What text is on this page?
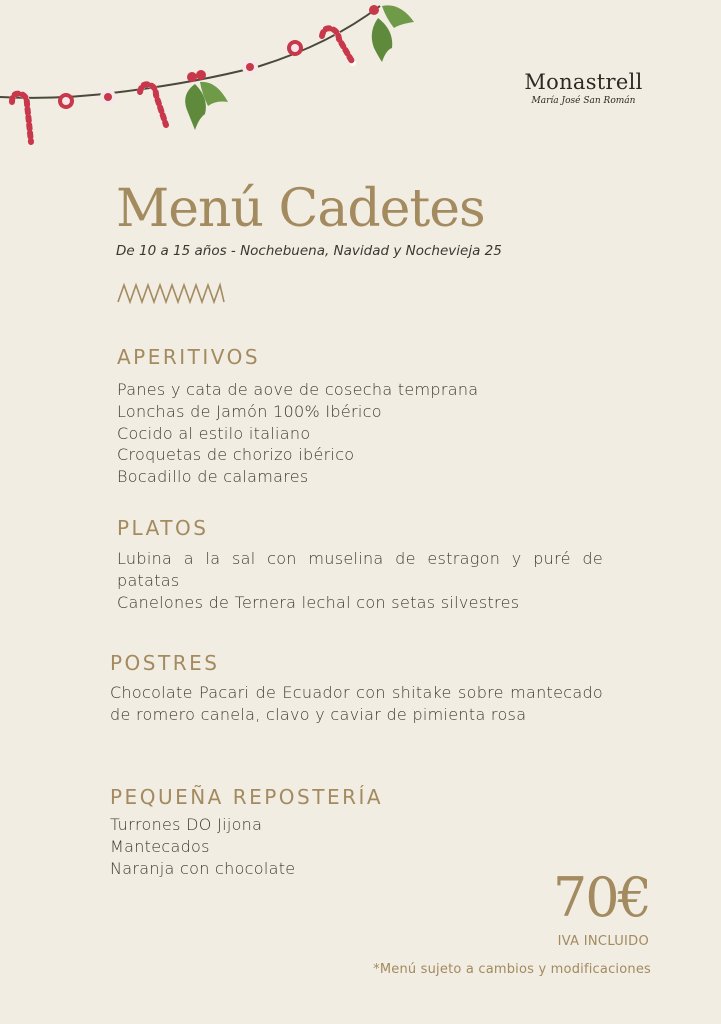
Monastrell
María José San Román
Menú Cadetes
De 10 a 15 años - Nochebuena, Navidad y Nochevieja 25
APERITIVOS
Panes y cata de aove de cosecha temprana
Lonchas de Jamón 100% Ibérico
Cocido al estilo italiano
Croquetas de chorizo ibérico
Bocadillo de calamares
PLATOS
Lubina a la sal con muselina de estragon y puré de patatas
Canelones de Ternera lechal con setas silvestres
POSTRES
Chocolate Pacari de Ecuador con shitake sobre mantecado de romero canela, clavo y caviar de pimienta rosa
PEQUEÑA REPOSTERÍA
Turrones DO Jijona
Mantecados
Naranja con chocolate	70€
IVA INCLUIDO
*Menú sujeto a cambios y modificaciones
